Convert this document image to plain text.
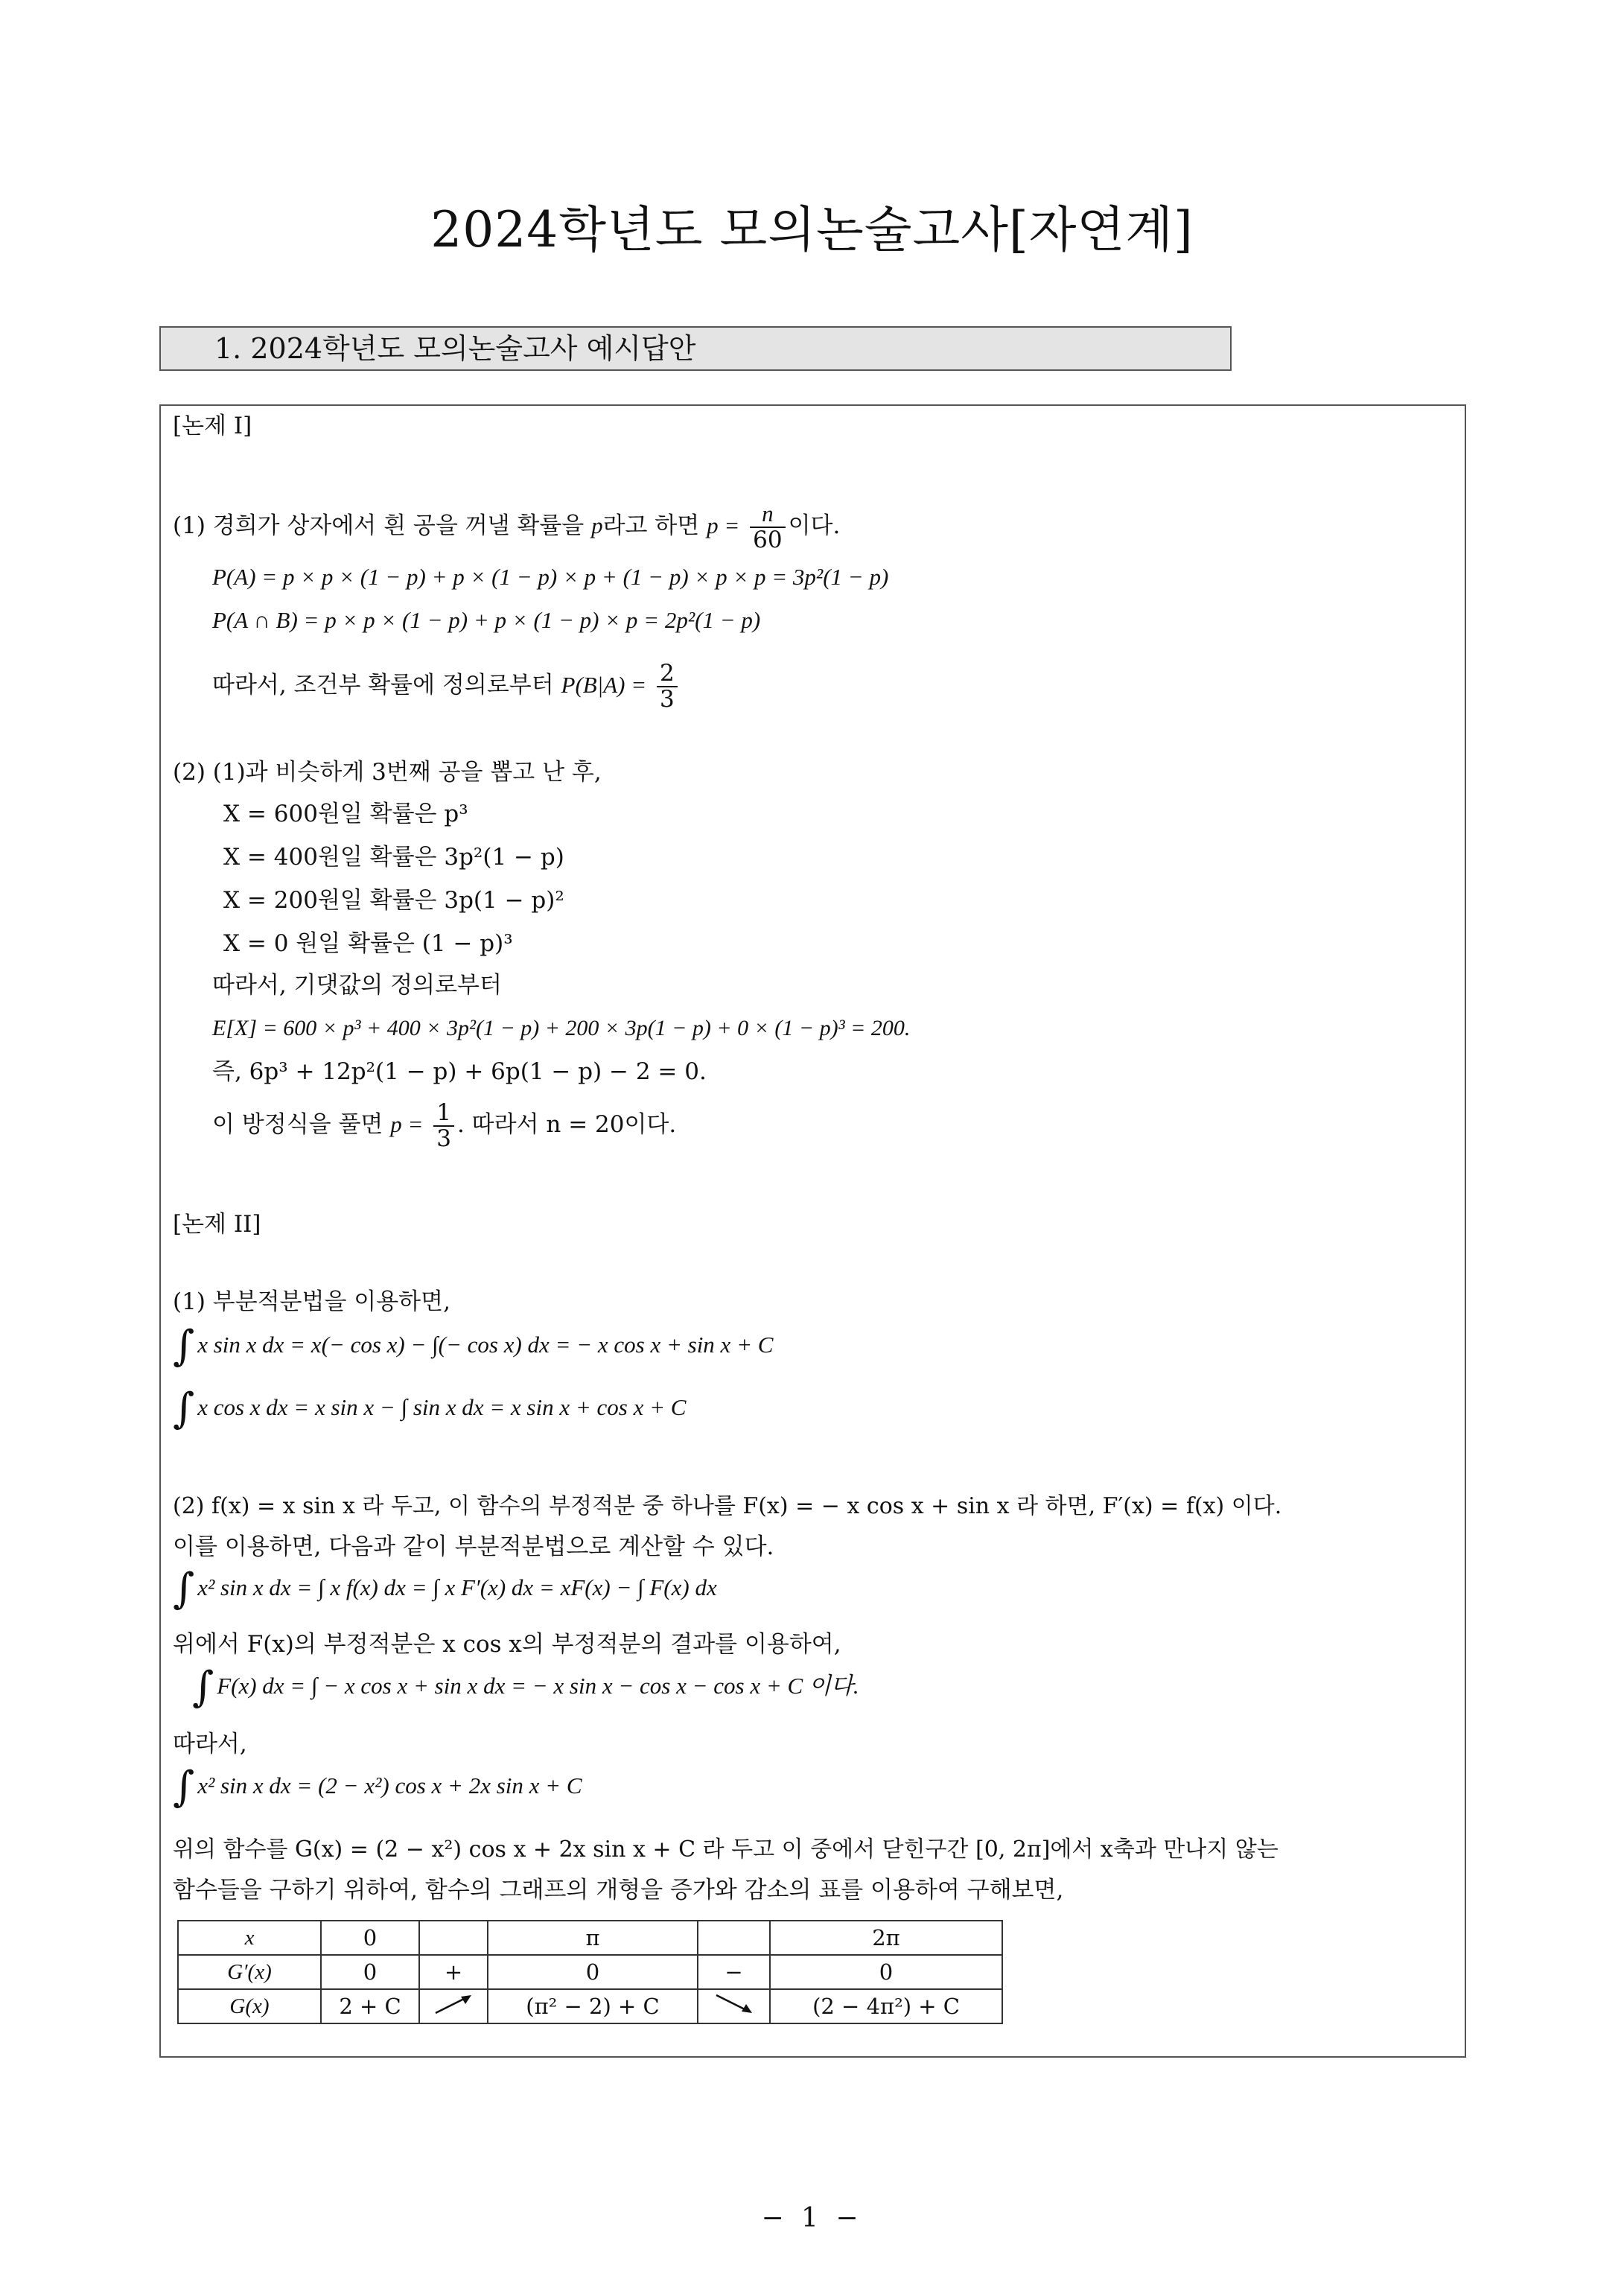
2024학년도 모의논술고사[자연계]
1. 2024학년도 모의논술고사 예시답안
[논제 I]
(1) 경희가 상자에서 흰 공을 꺼낼 확률을 p라고 하면 $p = \frac{n}{60}$ 이다.
P(A) = p × p × (1 − p) + p × (1 − p) × p + (1 − p) × p × p = 3p²(1 − p)
P(A ∩ B) = p × p × (1 − p) + p × (1 − p) × p = 2p²(1 − p)
따라서, 조건부 확률에 정의로부터 $P(B|A) = \frac{2}{3}$
(2) (1)과 비슷하게 3번째 공을 뽑고 난 후,
X = 600원일 확률은 p³
X = 400원일 확률은 3p²(1 − p)
X = 200원일 확률은 3p(1 − p)²
X = 0 원일 확률은 (1 − p)³
따라서, 기댓값의 정의로부터
E[X] = 600 × p³ + 400 × 3p²(1 − p) + 200 × 3p(1 − p) + 0 × (1 − p)³ = 200.
즉, 6p³ + 12p²(1 − p) + 6p(1 − p) − 2 = 0.
이 방정식을 풀면 $p = \frac{1}{3}$ . 따라서 n = 20이다.
[논제 II]
(1) 부분적분법을 이용하면,
∫ x sin x dx = x(− cos x) − ∫(− cos x) dx = − x cos x + sin x + C
∫ x cos x dx = x sin x − ∫ sin x dx = x sin x + cos x + C
(2) f(x) = x sin x 라 두고, 이 함수의 부정적분 중 하나를 F(x) = − x cos x + sin x 라 하면, F′(x) = f(x) 이다.
이를 이용하면, 다음과 같이 부분적분법으로 계산할 수 있다.
∫ x² sin x dx = ∫ x f(x) dx = ∫ x F′(x) dx = xF(x) − ∫ F(x) dx
위에서 F(x)의 부정적분은 x cos x의 부정적분의 결과를 이용하여,
∫ F(x) dx = ∫ − x cos x + sin x dx = − x sin x − cos x − cos x + C 이다.
따라서,
∫ x² sin x dx = (2 − x²) cos x + 2x sin x + C
위의 함수를 G(x) = (2 − x²) cos x + 2x sin x + C 라 두고 이 중에서 닫힌구간 [0, 2π]에서 x축과 만나지 않는
함수들을 구하기 위하여, 함수의 그래프의 개형을 증가와 감소의 표를 이용하여 구해보면,
x	0		π		2π
G′(x)	0	+	0	−	0
G(x)	2 + C		(π² − 2) + C		(2 − 4π²) + C
− 1 −
